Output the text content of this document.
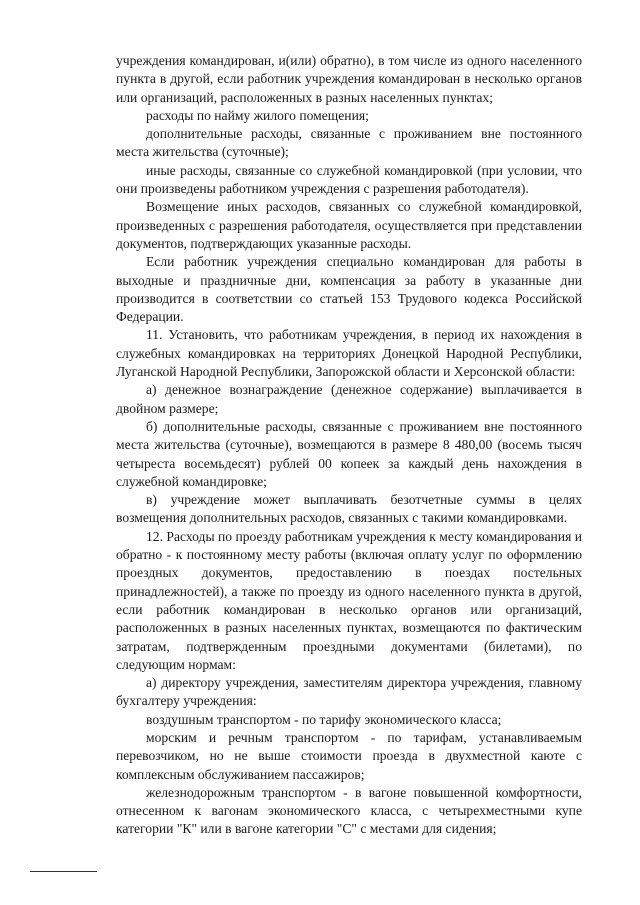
учреждения командирован, и(или) обратно), в том числе из одного населенного пункта в другой, если работник учреждения командирован в несколько органов или организаций, расположенных в разных населенных пунктах;

расходы по найму жилого помещения;

дополнительные расходы, связанные с проживанием вне постоянного места жительства (суточные);

иные расходы, связанные со служебной командировкой (при условии, что они произведены работником учреждения с разрешения работодателя).

Возмещение иных расходов, связанных со служебной командировкой, произведенных с разрешения работодателя, осуществляется при представлении документов, подтверждающих указанные расходы.

Если работник учреждения специально командирован для работы в выходные и праздничные дни, компенсация за работу в указанные дни производится в соответствии со статьей 153 Трудового кодекса Российской Федерации.

11. Установить, что работникам учреждения, в период их нахождения в служебных командировках на территориях Донецкой Народной Республики, Луганской Народной Республики, Запорожской области и Херсонской области:

а) денежное вознаграждение (денежное содержание) выплачивается в двойном размере;

б) дополнительные расходы, связанные с проживанием вне постоянного места жительства (суточные), возмещаются в размере 8 480,00 (восемь тысяч четыреста восемьдесят) рублей 00 копеек за каждый день нахождения в служебной командировке;

в) учреждение может выплачивать безотчетные суммы в целях возмещения дополнительных расходов, связанных с такими командировками.

12. Расходы по проезду работникам учреждения к месту командирования и обратно - к постоянному месту работы (включая оплату услуг по оформлению проездных документов, предоставлению в поездах постельных принадлежностей), а также по проезду из одного населенного пункта в другой, если работник командирован в несколько органов или организаций, расположенных в разных населенных пунктах, возмещаются по фактическим затратам, подтвержденным проездными документами (билетами), по следующим нормам:

а) директору учреждения, заместителям директора учреждения, главному бухгалтеру учреждения:

воздушным транспортом - по тарифу экономического класса;

морским и речным транспортом - по тарифам, устанавливаемым перевозчиком, но не выше стоимости проезда в двухместной каюте с комплексным обслуживанием пассажиров;

железнодорожным транспортом - в вагоне повышенной комфортности, отнесенном к вагонам экономического класса, с четырехместными купе категории "К" или в вагоне категории "С" с местами для сидения;
